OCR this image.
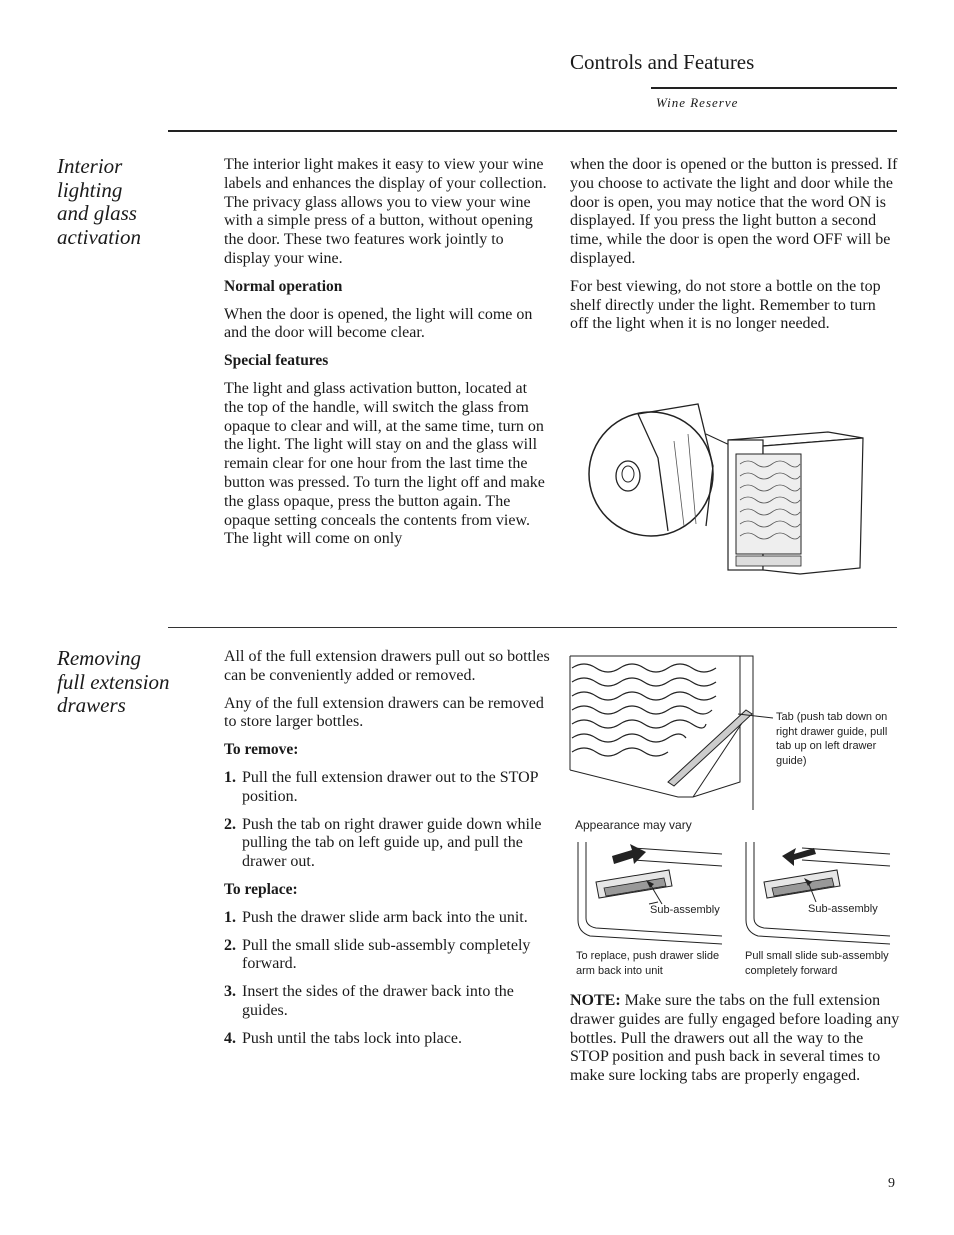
Controls and Features
Wine Reserve
Interior
lighting
and glass
activation

The interior light makes it easy to view your wine labels and enhances the display of your collection. The privacy glass allows you to view your wine with a simple press of a button, without opening the door. These two features work jointly to display your wine.

Normal operation

When the door is opened, the light will come on and the door will become clear.

Special features

The light and glass activation button, located at the top of the handle, will switch the glass from opaque to clear and will, at the same time, turn on the light. The light will stay on and the glass will remain clear for one hour from the last time the button was pressed. To turn the light off and make the glass opaque, press the button again. The opaque setting conceals the contents from view. The light will come on only

when the door is opened or the button is pressed. If you choose to activate the light and door while the door is open, you may notice that the word ON is displayed. If you press the light button a second time, while the door is open the word OFF will be displayed.

For best viewing, do not store a bottle on the top shelf directly under the light. Remember to turn off the light when it is no longer needed.

Removing
full extension
drawers

All of the full extension drawers pull out so bottles can be conveniently added or removed.

Any of the full extension drawers can be removed to store larger bottles.

To remove:
1. Pull the full extension drawer out to the STOP position.
2. Push the tab on right drawer guide down while pulling the tab on left guide up, and pull the drawer out.
To replace:
1. Push the drawer slide arm back into the unit.
2. Pull the small slide sub-assembly completely forward.
3. Insert the sides of the drawer back into the guides.
4. Push until the tabs lock into place.
Tab (push tab down on right drawer guide, pull tab up on left drawer guide)
Appearance may vary
Sub-assembly
To replace, push drawer slide arm back into unit
Sub-assembly
Pull small slide sub-assembly completely forward
NOTE: Make sure the tabs on the full extension drawer guides are fully engaged before loading any bottles. Pull the drawers out all the way to the STOP position and push back in several times to make sure locking tabs are properly engaged.
9
